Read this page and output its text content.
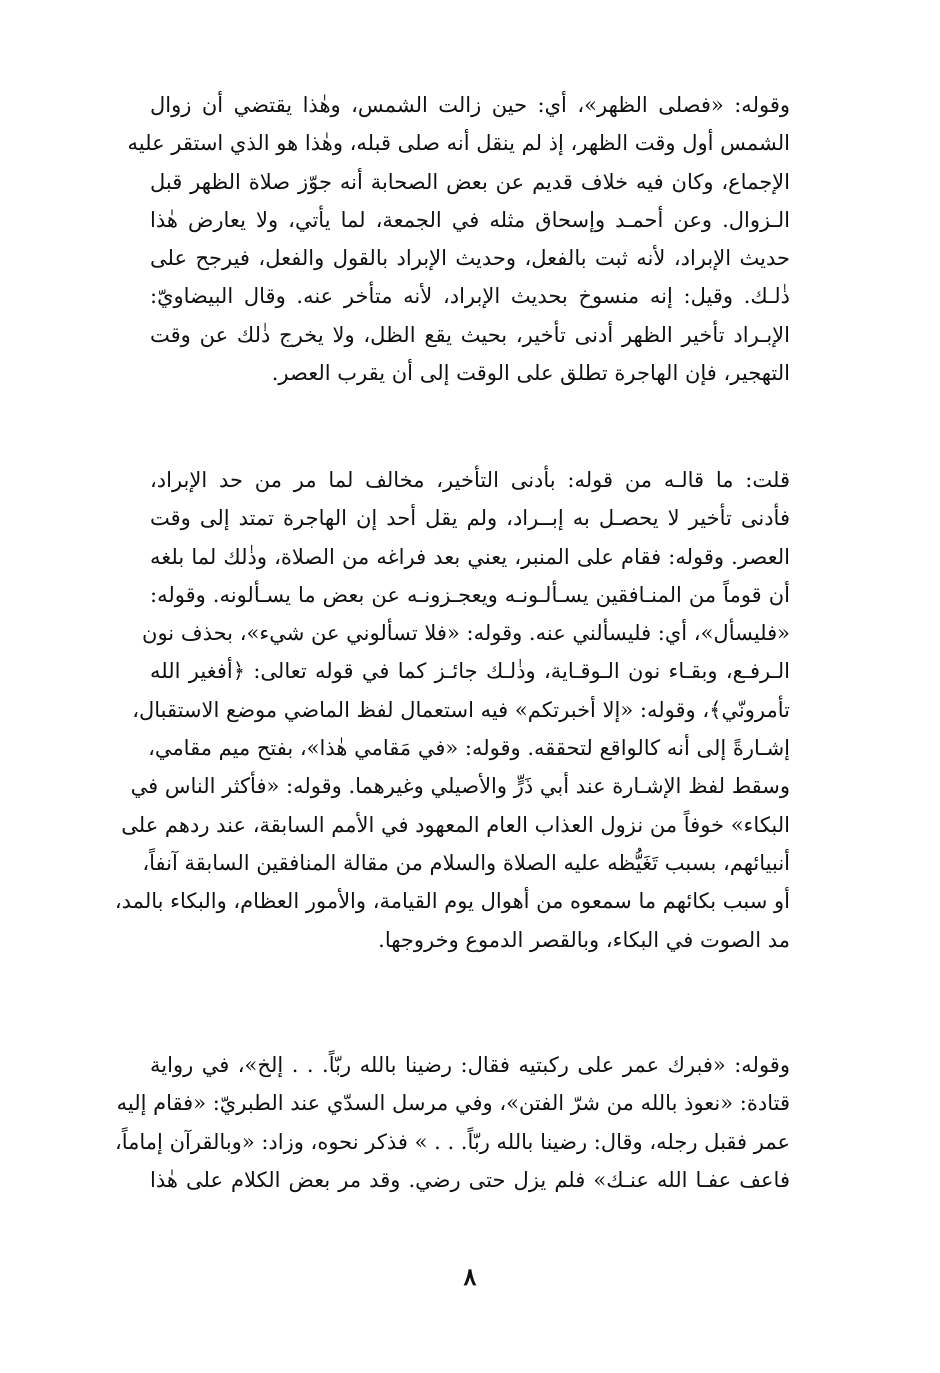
وقوله: «فصلى الظهر»، أي: حين زالت الشمس، وهٰذا يقتضي أن زوال
الشمس أول وقت الظهر، إذ لم ينقل أنه صلى قبله، وهٰذا هو الذي استقر عليه
الإجماع، وكان فيه خلاف قديم عن بعض الصحابة أنه جوّز صلاة الظهر قبل
الـزوال. وعن أحمـد وإسحاق مثله في الجمعة، لما يأتي، ولا يعارض هٰذا
حديث الإبراد، لأنه ثبت بالفعل، وحديث الإبراد بالقول والفعل، فيرجح على
ذٰلـك. وقيل: إنه منسوخ بحديث الإبراد، لأنه متأخر عنه. وقال البيضاويّ:
الإبـراد تأخير الظهر أدنى تأخير، بحيث يقع الظل، ولا يخرج ذٰلك عن وقت
التهجير، فإن الهاجرة تطلق على الوقت إلى أن يقرب العصر.
قلت: ما قالـه من قوله: بأدنى التأخير، مخالف لما مر من حد الإبراد،
فأدنى تأخير لا يحصـل به إبــراد، ولم يقل أحد إن الهاجرة تمتد إلى وقت
العصر. وقوله: فقام على المنبر، يعني بعد فراغه من الصلاة، وذٰلك لما بلغه
أن قوماً من المنـافقين يسـألـونـه ويعجـزونـه عن بعض ما يسـألونه. وقوله:
«فليسأل»، أي: فليسألني عنه. وقوله: «فلا تسألوني عن شيء»، بحذف نون
الـرفـع، وبقـاء نون الـوقـاية، وذٰلـك جائـز كما في قوله تعالى: ﴿أفغير الله
تأمرونّي﴾، وقوله: «إلا أخبرتكم» فيه استعمال لفظ الماضي موضع الاستقبال،
إشـارةً إلى أنه كالواقع لتحققه. وقوله: «في مَقامي هٰذا»، بفتح ميم مقامي،
وسقط لفظ الإشـارة عند أبي ذَرٍّ والأصيلي وغيرهما. وقوله: «فأكثر الناس في
البكاء» خوفاً من نزول العذاب العام المعهود في الأمم السابقة، عند ردهم على
أنبيائهم، بسبب تَغَيُّظه عليه الصلاة والسلام من مقالة المنافقين السابقة آنفاً،
أو سبب بكائهم ما سمعوه من أهوال يوم القيامة، والأمور العظام، والبكاء بالمد،
مد الصوت في البكاء، وبالقصر الدموع وخروجها.
وقوله: «فبرك عمر على ركبتيه فقال: رضينا بالله ربّاً. . . إلخ»، في رواية
قتادة: «نعوذ بالله من شرّ الفتن»، وفي مرسل السدّي عند الطبريّ: «فقام إليه
عمر فقبل رجله، وقال: رضينا بالله ربّاً. . . » فذكر نحوه، وزاد: «وبالقرآن إماماً،
فاعف عفـا الله عنـك» فلم يزل حتى رضي. وقد مر بعض الكلام على هٰذا
٨
